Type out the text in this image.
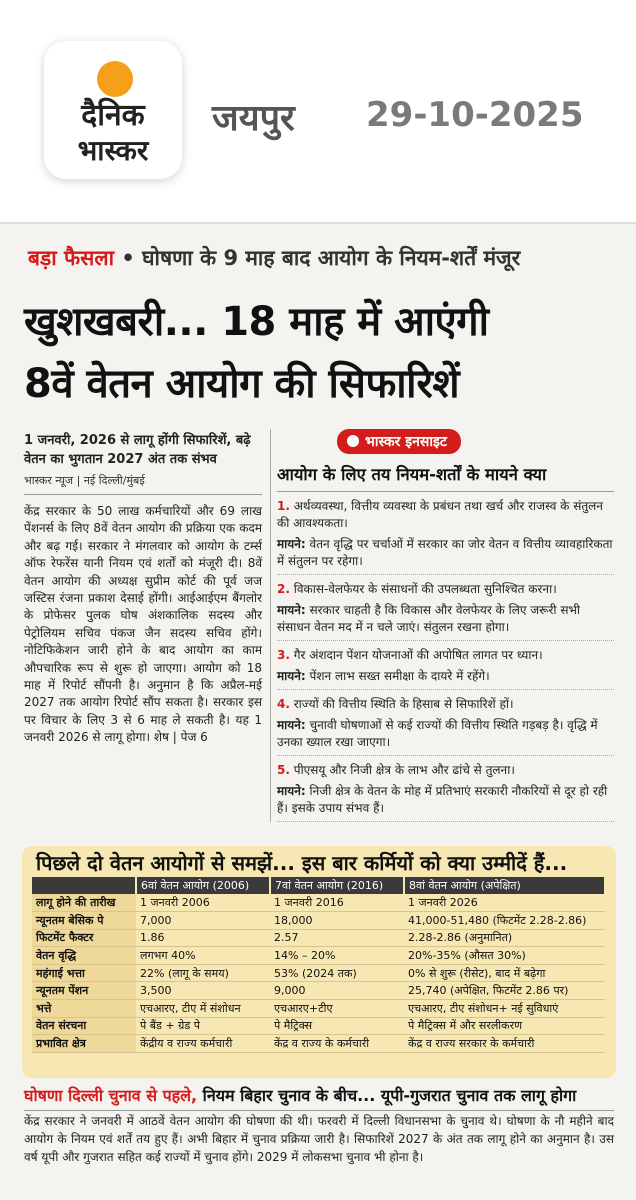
दैनिक
भास्कर
जयपुर 29-10-2025
बड़ा फैसला • घोषणा के 9 माह बाद आयोग के नियम-शर्तें मंजूर
खुशखबरी... 18 माह में आएंगी
8वें वेतन आयोग की सिफारिशें
1 जनवरी, 2026 से लागू होंगी सिफारिशें, बढ़े वेतन का भुगतान 2027 अंत तक संभव
भास्कर न्यूज | नई दिल्ली/मुंबई
केंद्र सरकार के 50 लाख कर्मचारियों और 69 लाख पेंशनर्स के लिए 8वें वेतन आयोग की प्रक्रिया एक कदम और बढ़ गई। सरकार ने मंगलवार को आयोग के टर्म्स ऑफ रेफरेंस यानी नियम एवं शर्तों को मंजूरी दी। 8वें वेतन आयोग की अध्यक्ष सुप्रीम कोर्ट की पूर्व जज जस्टिस रंजना प्रकाश देसाई होंगी। आईआईएम बैंगलोर के प्रोफेसर पुलक घोष अंशकालिक सदस्य और पेट्रोलियम सचिव पंकज जैन सदस्य सचिव होंगे। नोटिफिकेशन जारी होने के बाद आयोग का काम औपचारिक रूप से शुरू हो जाएगा। आयोग को 18 माह में रिपोर्ट सौंपनी है। अनुमान है कि अप्रैल-मई 2027 तक आयोग रिपोर्ट सौंप सकता है। सरकार इस पर विचार के लिए 3 से 6 माह ले सकती है। यह 1 जनवरी 2026 से लागू होगा। शेष | पेज 6
भास्कर इनसाइट
आयोग के लिए तय नियम-शर्तों के मायने क्या
1. अर्थव्यवस्था, वित्तीय व्यवस्था के प्रबंधन तथा खर्च और राजस्व के संतुलन की आवश्यकता।
मायने: वेतन वृद्धि पर चर्चाओं में सरकार का जोर वेतन व वित्तीय व्यावहारिकता में संतुलन पर रहेगा।
2. विकास-वेलफेयर के संसाधनों की उपलब्धता सुनिश्चित करना।
मायने: सरकार चाहती है कि विकास और वेलफेयर के लिए जरूरी सभी संसाधन वेतन मद में न चले जाएं। संतुलन रखना होगा।
3. गैर अंशदान पेंशन योजनाओं की अपोषित लागत पर ध्यान।
मायने: पेंशन लाभ सख्त समीक्षा के दायरे में रहेंगे।
4. राज्यों की वित्तीय स्थिति के हिसाब से सिफारिशें हों।
मायने: चुनावी घोषणाओं से कई राज्यों की वित्तीय स्थिति गड़बड़ है। वृद्धि में उनका ख्याल रखा जाएगा।
5. पीएसयू और निजी क्षेत्र के लाभ और ढांचे से तुलना।
मायने: निजी क्षेत्र के वेतन के मोह में प्रतिभाएं सरकारी नौकरियों से दूर हो रही हैं। इसके उपाय संभव हैं।
पिछले दो वेतन आयोगों से समझें... इस बार कर्मियों को क्या उम्मीदें हैं...
	6वां वेतन आयोग (2006)	7वां वेतन आयोग (2016)	8वां वेतन आयोग (अपेक्षित)
लागू होने की तारीख	1 जनवरी 2006	1 जनवरी 2016	1 जनवरी 2026
न्यूनतम बेसिक पे	7,000	18,000	41,000-51,480 (फिटमेंट 2.28-2.86)
फिटमेंट फैक्टर	1.86	2.57	2.28-2.86 (अनुमानित)
वेतन वृद्धि	लगभग 40%	14% – 20%	20%-35% (औसत 30%)
महंगाई भत्ता	22% (लागू के समय)	53% (2024 तक)	0% से शुरू (रीसेट), बाद में बढ़ेगा
न्यूनतम पेंशन	3,500	9,000	25,740 (अपेक्षित, फिटमेंट 2.86 पर)
भत्ते	एचआरए, टीए में संशोधन	एचआरए+टीए	एचआरए, टीए संशोधन+ नई सुविधाएं
वेतन संरचना	पे बैंड + ग्रेड पे	पे मैट्रिक्स	पे मैट्रिक्स में और सरलीकरण
प्रभावित क्षेत्र	केंद्रीय व राज्य कर्मचारी	केंद्र व राज्य के कर्मचारी	केंद्र व राज्य सरकार के कर्मचारी
घोषणा दिल्ली चुनाव से पहले, नियम बिहार चुनाव के बीच... यूपी-गुजरात चुनाव तक लागू होगा
केंद्र सरकार ने जनवरी में आठवें वेतन आयोग की घोषणा की थी। फरवरी में दिल्ली विधानसभा के चुनाव थे। घोषणा के नौ महीने बाद आयोग के नियम एवं शर्तें तय हुए हैं। अभी बिहार में चुनाव प्रक्रिया जारी है। सिफारिशें 2027 के अंत तक लागू होने का अनुमान है। उस वर्ष यूपी और गुजरात सहित कई राज्यों में चुनाव होंगे। 2029 में लोकसभा चुनाव भी होना है।
